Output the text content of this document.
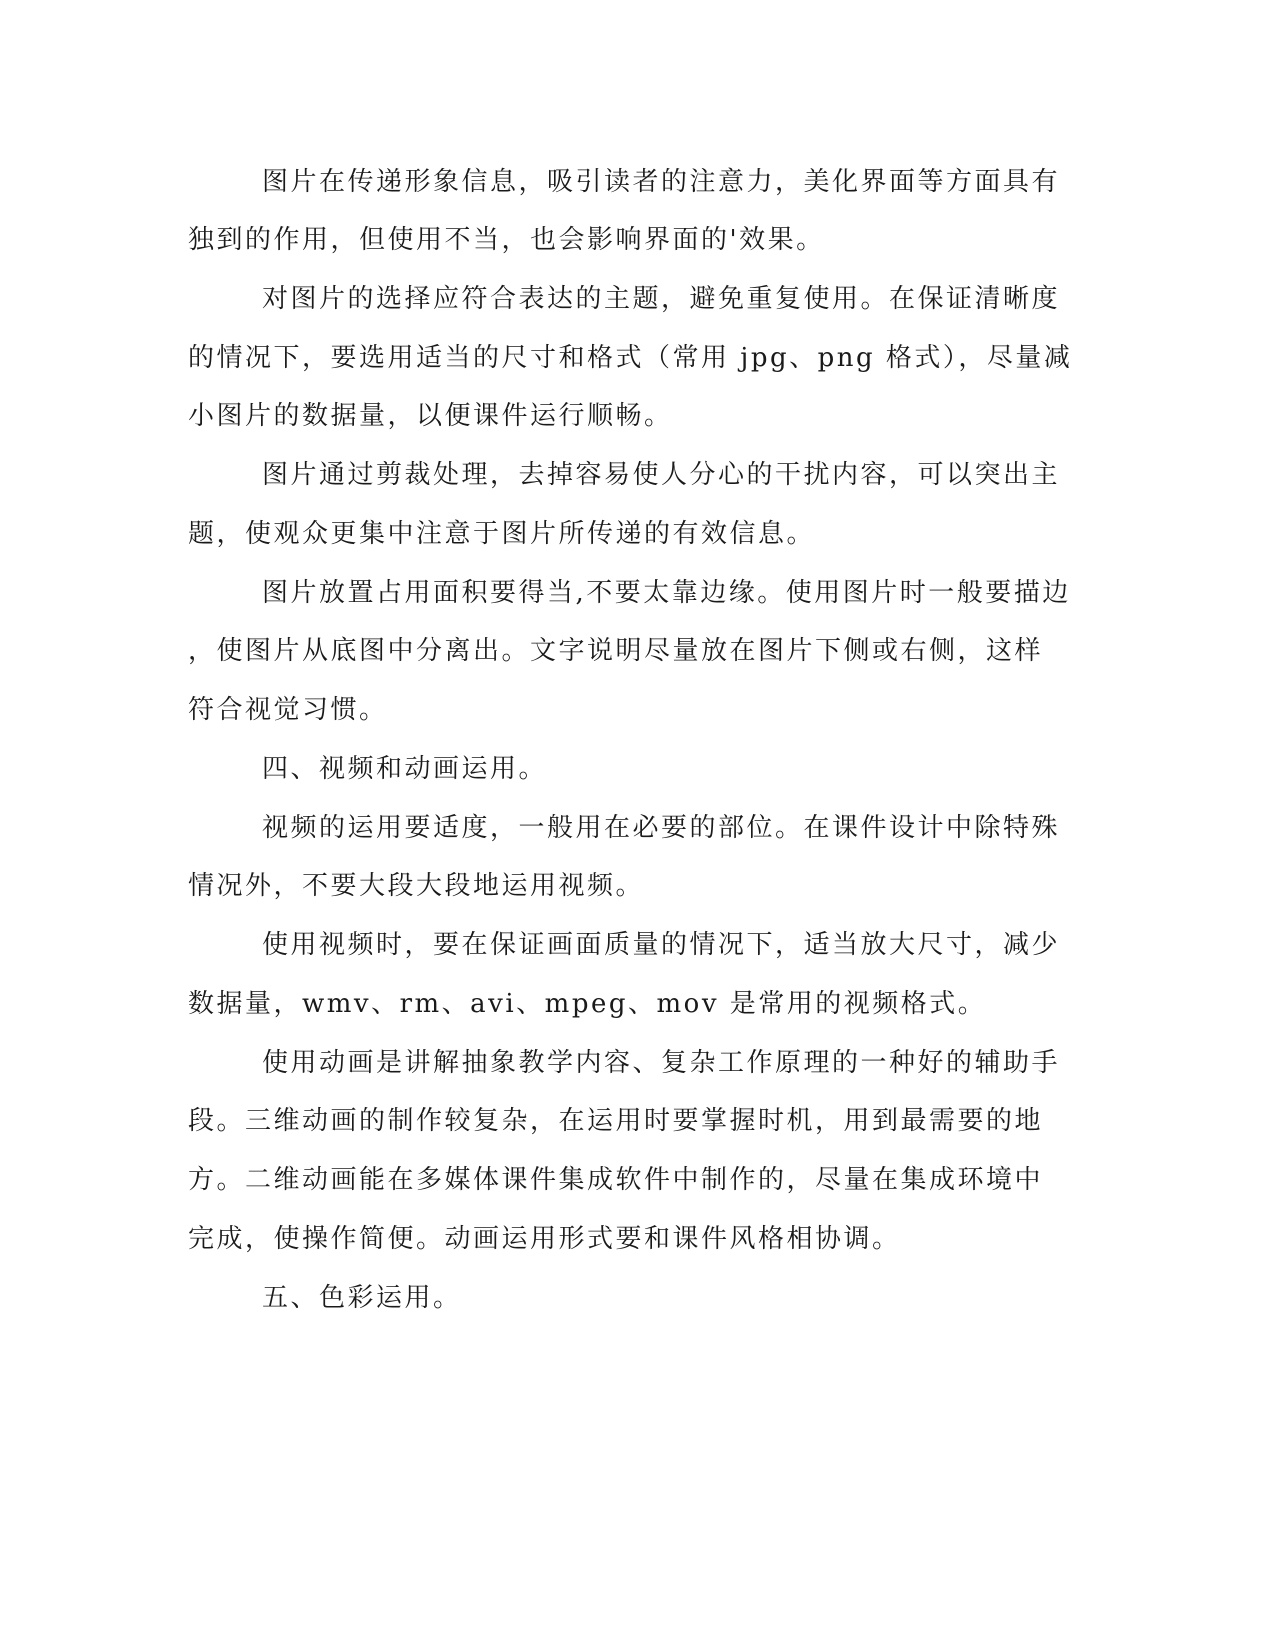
图片在传递形象信息，吸引读者的注意力，美化界面等方面具有
独到的作用，但使用不当，也会影响界面的'效果。
对图片的选择应符合表达的主题，避免重复使用。在保证清晰度
的情况下，要选用适当的尺寸和格式（常用 jpg、png 格式），尽量减
小图片的数据量，以便课件运行顺畅。
图片通过剪裁处理，去掉容易使人分心的干扰内容，可以突出主
题，使观众更集中注意于图片所传递的有效信息。
图片放置占用面积要得当,不要太靠边缘。使用图片时一般要描边
，使图片从底图中分离出。文字说明尽量放在图片下侧或右侧，这样
符合视觉习惯。
四、视频和动画运用。
视频的运用要适度，一般用在必要的部位。在课件设计中除特殊
情况外，不要大段大段地运用视频。
使用视频时，要在保证画面质量的情况下，适当放大尺寸，减少
数据量，wmv、rm、avi、mpeg、mov 是常用的视频格式。
使用动画是讲解抽象教学内容、复杂工作原理的一种好的辅助手
段。三维动画的制作较复杂，在运用时要掌握时机，用到最需要的地
方。二维动画能在多媒体课件集成软件中制作的，尽量在集成环境中
完成，使操作简便。动画运用形式要和课件风格相协调。
五、色彩运用。
